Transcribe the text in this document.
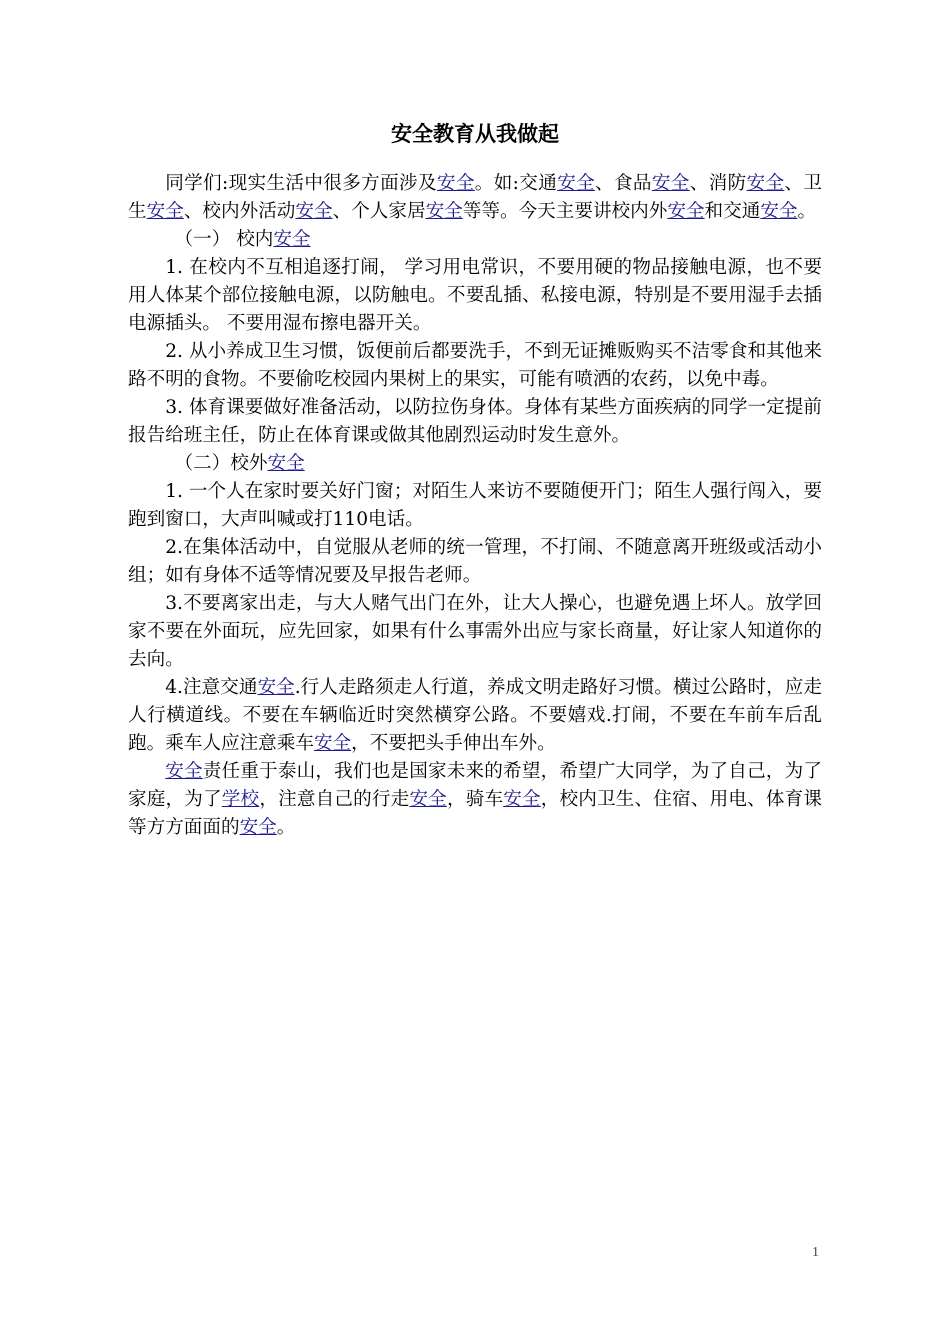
安全教育从我做起

同学们:现实生活中很多方面涉及安全。如:交通安全、食品安全、消防安全、卫生安全、校内外活动安全、个人家居安全等等。今天主要讲校内外安全和交通安全。

（一） 校内安全

1. 在校内不互相追逐打闹， 学习用电常识，不要用硬的物品接触电源，也不要用人体某个部位接触电源，以防触电。不要乱插、私接电源，特别是不要用湿手去插电源插头。 不要用湿布擦电器开关。

2. 从小养成卫生习惯，饭便前后都要洗手，不到无证摊贩购买不洁零食和其他来路不明的食物。不要偷吃校园内果树上的果实，可能有喷洒的农药，以免中毒。

3. 体育课要做好准备活动，以防拉伤身体。身体有某些方面疾病的同学一定提前报告给班主任，防止在体育课或做其他剧烈运动时发生意外。

（二）校外安全

1. 一个人在家时要关好门窗；对陌生人来访不要随便开门；陌生人强行闯入，要跑到窗口，大声叫喊或打110电话。

2.在集体活动中，自觉服从老师的统一管理，不打闹、不随意离开班级或活动小组；如有身体不适等情况要及早报告老师。

3.不要离家出走，与大人赌气出门在外，让大人操心，也避免遇上坏人。放学回家不要在外面玩，应先回家，如果有什么事需外出应与家长商量，好让家人知道你的去向。

4.注意交通安全.行人走路须走人行道，养成文明走路好习惯。横过公路时，应走人行横道线。不要在车辆临近时突然横穿公路。不要嬉戏.打闹，不要在车前车后乱跑。乘车人应注意乘车安全，不要把头手伸出车外。

安全责任重于泰山，我们也是国家未来的希望，希望广大同学，为了自己，为了家庭，为了学校，注意自己的行走安全，骑车安全，校内卫生、住宿、用电、体育课等方方面面的安全。

1
